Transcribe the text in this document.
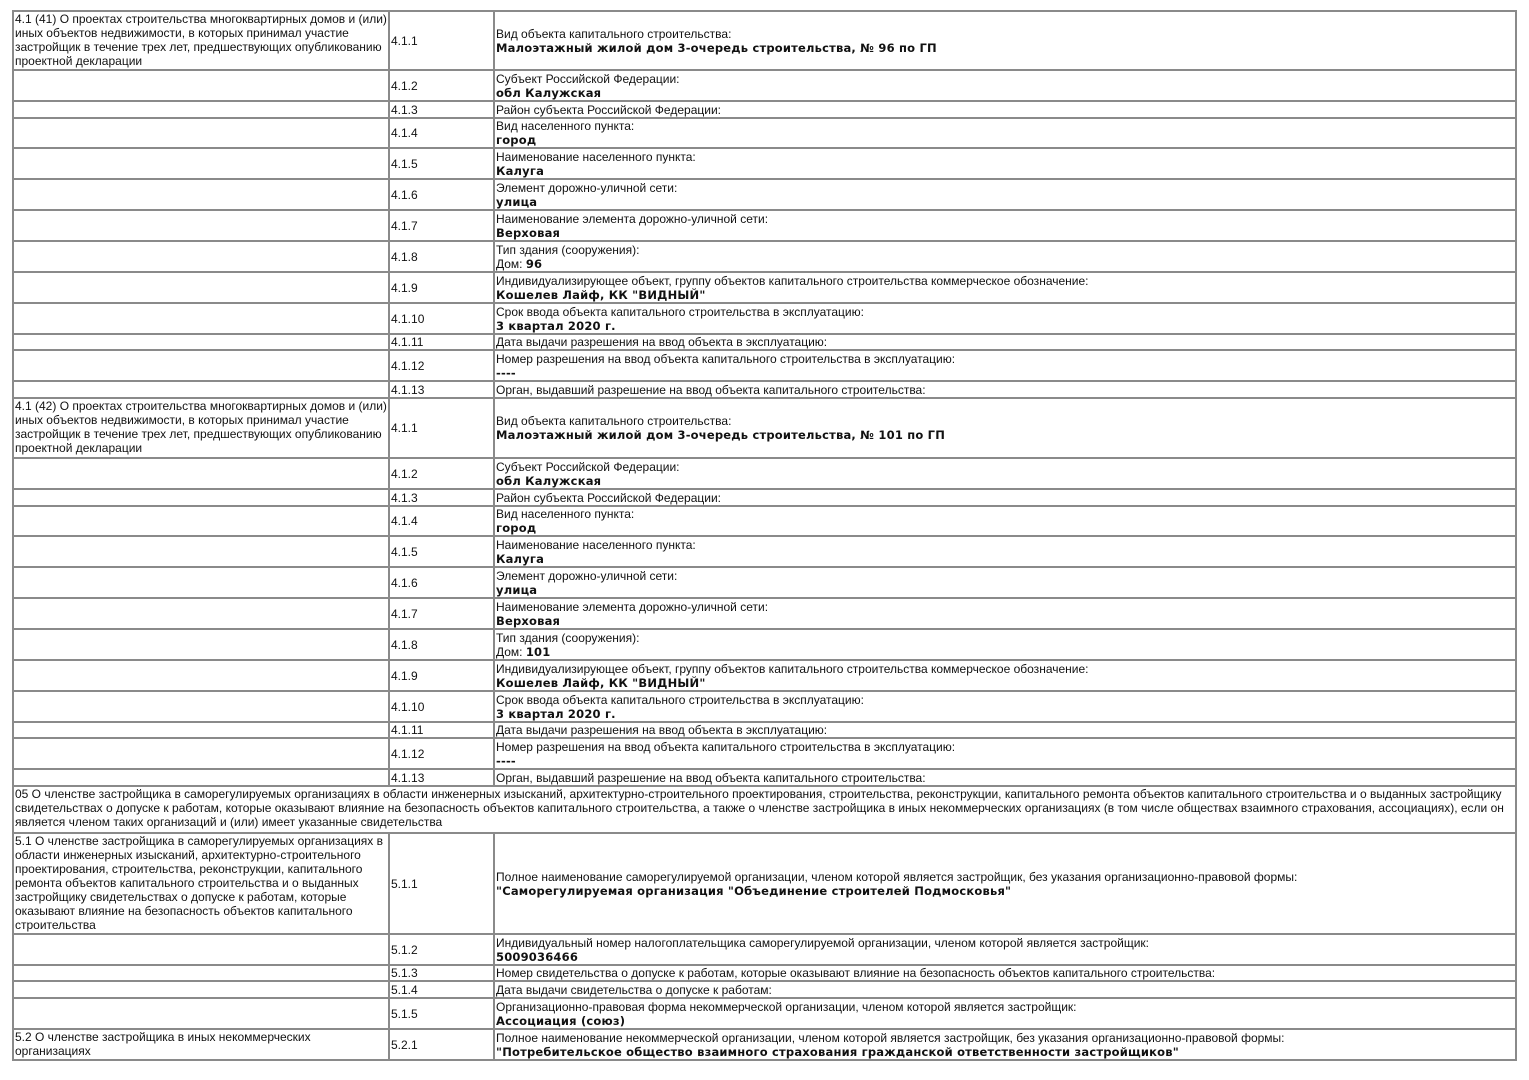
4.1 (41) О проектах строительства многоквартирных домов и (или) иных объектов недвижимости, в которых принимал участие застройщик в течение трех лет, предшествующих опубликованию проектной декларации	4.1.1	Вид объекта капитального строительства:
Малоэтажный жилой дом 3-очередь строительства, № 96 по ГП

	4.1.2	Субъект Российской Федерации:
обл Калужская

	4.1.3	Район субъекта Российской Федерации:

	4.1.4	Вид населенного пункта:
город

	4.1.5	Наименование населенного пункта:
Калуга

	4.1.6	Элемент дорожно-уличной сети:
улица

	4.1.7	Наименование элемента дорожно-уличной сети:
Верховая

	4.1.8	Тип здания (сооружения):
Дом: 96

	4.1.9	Индивидуализирующее объект, группу объектов капитального строительства коммерческое обозначение:
Кошелев Лайф, КК "ВИДНЫЙ"

	4.1.10	Срок ввода объекта капитального строительства в эксплуатацию:
3 квартал 2020 г.

	4.1.11	Дата выдачи разрешения на ввод объекта в эксплуатацию:

	4.1.12	Номер разрешения на ввод объекта капитального строительства в эксплуатацию:
----

	4.1.13	Орган, выдавший разрешение на ввод объекта капитального строительства:

4.1 (42) О проектах строительства многоквартирных домов и (или) иных объектов недвижимости, в которых принимал участие застройщик в течение трех лет, предшествующих опубликованию проектной декларации	4.1.1	Вид объекта капитального строительства:
Малоэтажный жилой дом 3-очередь строительства, № 101 по ГП

	4.1.2	Субъект Российской Федерации:
обл Калужская

	4.1.3	Район субъекта Российской Федерации:

	4.1.4	Вид населенного пункта:
город

	4.1.5	Наименование населенного пункта:
Калуга

	4.1.6	Элемент дорожно-уличной сети:
улица

	4.1.7	Наименование элемента дорожно-уличной сети:
Верховая

	4.1.8	Тип здания (сооружения):
Дом: 101

	4.1.9	Индивидуализирующее объект, группу объектов капитального строительства коммерческое обозначение:
Кошелев Лайф, КК "ВИДНЫЙ"

	4.1.10	Срок ввода объекта капитального строительства в эксплуатацию:
3 квартал 2020 г.

	4.1.11	Дата выдачи разрешения на ввод объекта в эксплуатацию:

	4.1.12	Номер разрешения на ввод объекта капитального строительства в эксплуатацию:
----

	4.1.13	Орган, выдавший разрешение на ввод объекта капитального строительства:

05 О членстве застройщика в саморегулируемых организациях в области инженерных изысканий, архитектурно-строительного проектирования, строительства, реконструкции, капитального ремонта объектов капитального строительства и о выданных застройщику свидетельствах о допуске к работам, которые оказывают влияние на безопасность объектов капитального строительства, а также о членстве застройщика в иных некоммерческих организациях (в том числе обществах взаимного страхования, ассоциациях), если он является членом таких организаций и (или) имеет указанные свидетельства		
5.1 О членстве застройщика в саморегулируемых организациях в области инженерных изысканий, архитектурно-строительного проектирования, строительства, реконструкции, капитального ремонта объектов капитального строительства и о выданных застройщику свидетельствах о допуске к работам, которые оказывают влияние на безопасность объектов капитального строительства	5.1.1	Полное наименование саморегулируемой организации, членом которой является застройщик, без указания организационно-правовой формы:
"Саморегулируемая организация "Объединение строителей Подмосковья"

	5.1.2	Индивидуальный номер налогоплательщика саморегулируемой организации, членом которой является застройщик:
5009036466

	5.1.3	Номер свидетельства о допуске к работам, которые оказывают влияние на безопасность объектов капитального строительства:

	5.1.4	Дата выдачи свидетельства о допуске к работам:

	5.1.5	Организационно-правовая форма некоммерческой организации, членом которой является застройщик:
Ассоциация (союз)

5.2 О членстве застройщика в иных некоммерческих организациях	5.2.1	Полное наименование некоммерческой организации, членом которой является застройщик, без указания организационно-правовой формы:
"Потребительское общество взаимного страхования гражданской ответственности застройщиков"
